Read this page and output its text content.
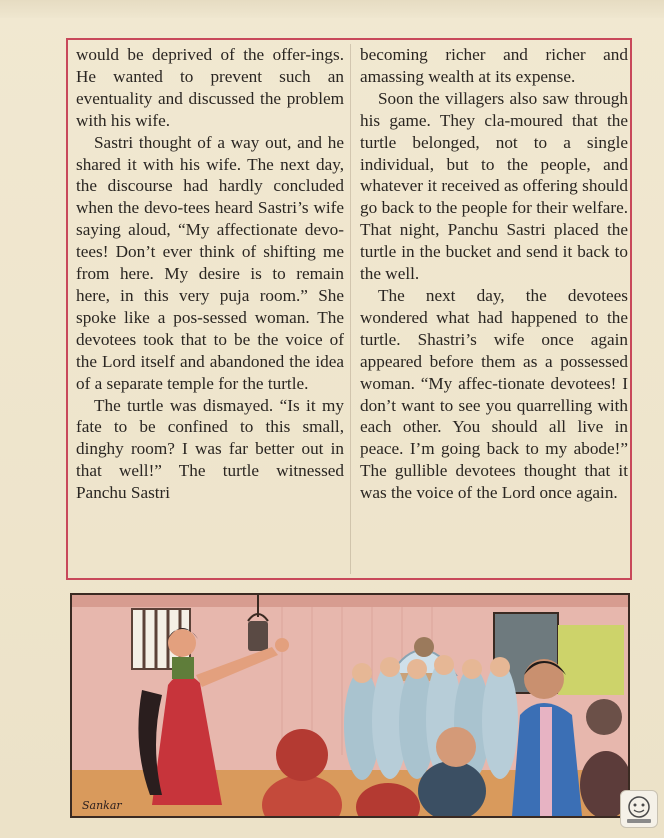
would be deprived of the offer-ings. He wanted to prevent such an eventuality and discussed the problem with his wife.

Sastri thought of a way out, and he shared it with his wife. The next day, the discourse had hardly concluded when the devo-tees heard Sastri’s wife saying aloud, “My affectionate devo-tees! Don’t ever think of shifting me from here. My desire is to remain here, in this very puja room.” She spoke like a pos-sessed woman. The devotees took that to be the voice of the Lord itself and abandoned the idea of a separate temple for the turtle.

The turtle was dismayed. “Is it my fate to be confined to this small, dinghy room? I was far better out in that well!” The turtle witnessed Panchu Sastri

becoming richer and richer and amassing wealth at its expense.

Soon the villagers also saw through his game. They cla-moured that the turtle belonged, not to a single individual, but to the people, and whatever it received as offering should go back to the people for their welfare. That night, Panchu Sastri placed the turtle in the bucket and send it back to the well.

The next day, the devotees wondered what had happened to the turtle. Shastri’s wife once again appeared before them as a possessed woman. “My affec-tionate devotees! I don’t want to see you quarrelling with each other. You should all live in peace. I’m going back to my abode!” The gullible devotees thought that it was the voice of the Lord once again.

Sankar
